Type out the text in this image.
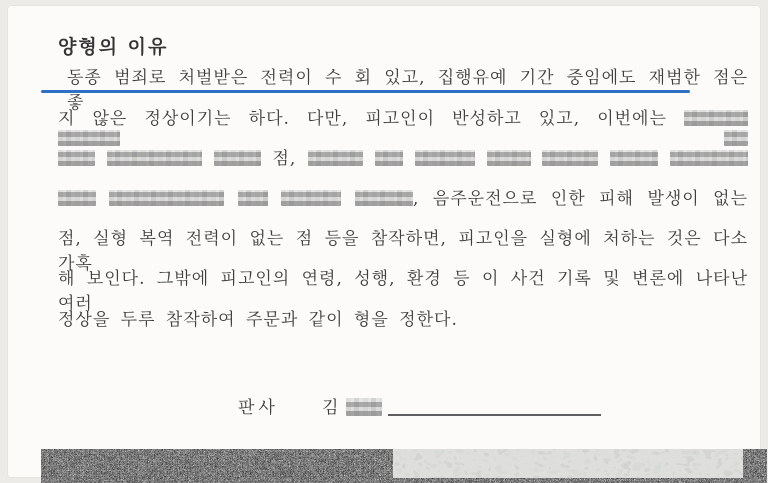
양형의 이유
동종 범죄로 처벌받은 전력이 수 회 있고, 집행유예 기간 중임에도 재범한 점은 좋
지 않은 정상이기는 하다. 다만, 피고인이 반성하고 있고, 이번에는
점,
, 음주운전으로 인한 피해 발생이 없는
점, 실형 복역 전력이 없는 점 등을 참작하면, 피고인을 실형에 처하는 것은 다소 가혹
해 보인다. 그밖에 피고인의 연령, 성행, 환경 등 이 사건 기록 및 변론에 나타난 여러
정상을 두루 참작하여 주문과 같이 형을 정한다.
판사	김
